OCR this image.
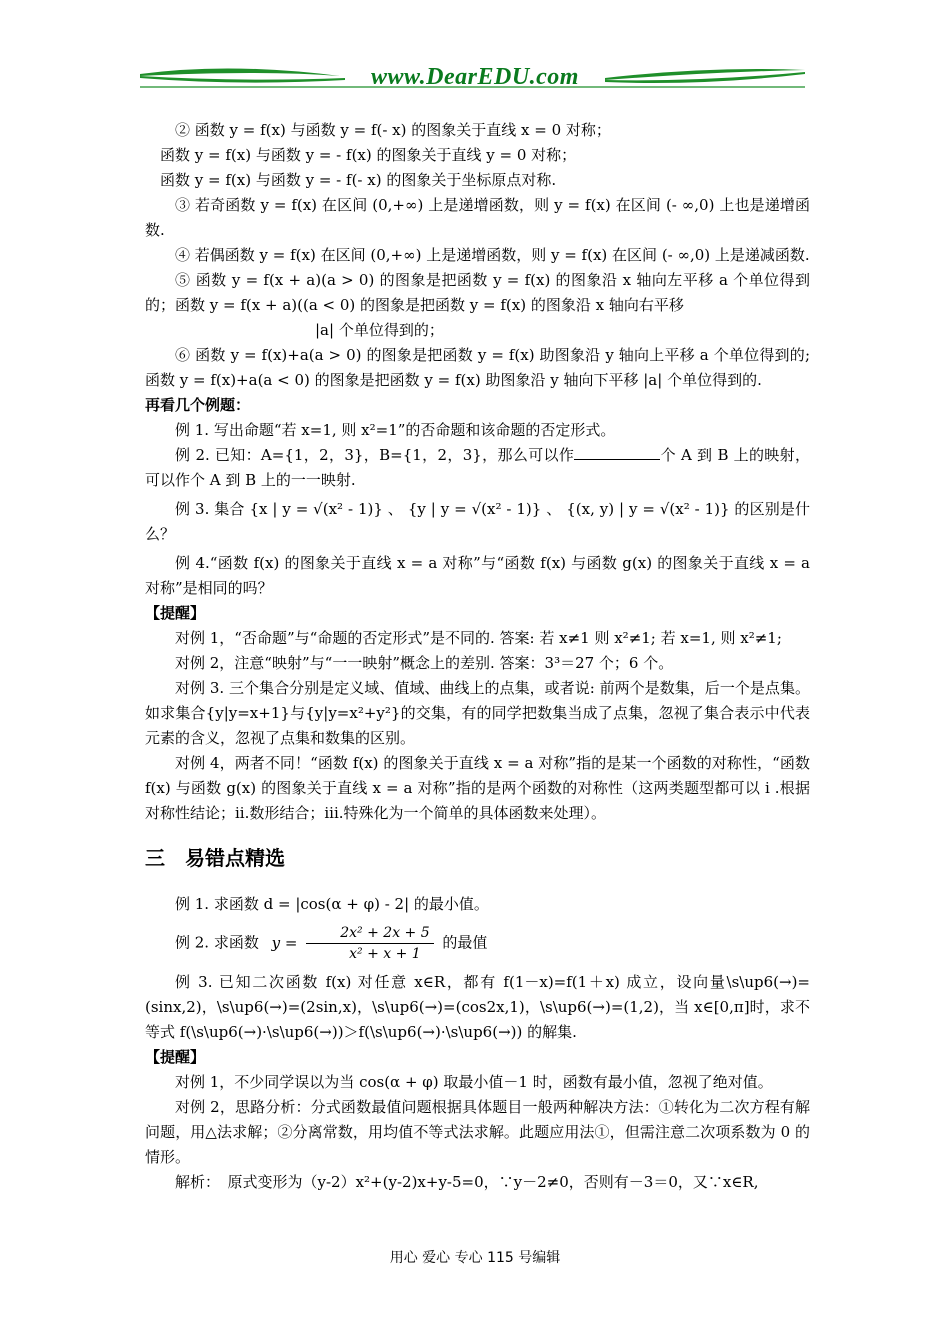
www.DearEDU.com

② 函数 y = f(x) 与函数 y = f(- x) 的图象关于直线 x = 0 对称；

函数 y = f(x) 与函数 y = - f(x) 的图象关于直线 y = 0 对称；

函数 y = f(x) 与函数 y = - f(- x) 的图象关于坐标原点对称.

③ 若奇函数 y = f(x) 在区间 (0,+∞) 上是递增函数，则 y = f(x) 在区间 (- ∞,0) 上也是递增函数.

④ 若偶函数 y = f(x) 在区间 (0,+∞) 上是递增函数，则 y = f(x) 在区间 (- ∞,0) 上是递减函数.

⑤ 函数 y = f(x + a)(a > 0) 的图象是把函数 y = f(x) 的图象沿 x 轴向左平移 a 个单位得到的；函数 y = f(x + a)((a < 0) 的图象是把函数 y = f(x) 的图象沿 x 轴向右平移

|a| 个单位得到的；

⑥ 函数 y = f(x)+a(a > 0) 的图象是把函数 y = f(x) 助图象沿 y 轴向上平移 a 个单位得到的; 函数 y = f(x)+a(a < 0) 的图象是把函数 y = f(x) 助图象沿 y 轴向下平移 |a| 个单位得到的.

再看几个例题：

例 1. 写出命题“若 x=1, 则 x²=1”的否命题和该命题的否定形式。

例 2. 已知：A={1，2，3}，B={1，2，3}，那么可以作	个 A 到 B 上的映射，可以作个 A 到 B 上的一一映射.

例 3. 集合 {x | y = √(x² - 1)} 、 {y | y = √(x² - 1)} 、 {(x, y) | y = √(x² - 1)} 的区别是什么？

例 4.“函数 f(x) 的图象关于直线 x = a 对称”与“函数 f(x) 与函数 g(x) 的图象关于直线 x = a 对称”是相同的吗？

【提醒】

对例 1，“否命题”与“命题的否定形式”是不同的. 答案: 若 x≠1 则 x²≠1; 若 x=1, 则 x²≠1;

对例 2，注意“映射”与“一一映射”概念上的差别. 答案：3³＝27 个；6 个。

对例 3. 三个集合分别是定义域、值域、曲线上的点集，或者说: 前两个是数集，后一个是点集。如求集合{y|y=x+1}与{y|y=x²+y²}的交集，有的同学把数集当成了点集，忽视了集合表示中代表元素的含义，忽视了点集和数集的区别。

对例 4，两者不同！“函数 f(x) 的图象关于直线 x = a 对称”指的是某一个函数的对称性，“函数 f(x) 与函数 g(x) 的图象关于直线 x = a 对称”指的是两个函数的对称性（这两类题型都可以 i .根据对称性结论；ii.数形结合；iii.特殊化为一个简单的具体函数来处理）。

三　易错点精选

例 1. 求函数 d = |cos(α + φ) - 2| 的最小值。

例 2. 求函数 $y = \frac{\text{2x² + 2x + 5}}{\text{x² + x + 1}}$ 的最值

例 3. 已知二次函数 f(x) 对任意 x∈R，都有 f(1－x)=f(1＋x) 成立，设向量\s\up6(→)=(sinx,2)，\s\up6(→)=(2sin,x)，\s\up6(→)=(cos2x,1)，\s\up6(→)=(1,2)，当 x∈[0,π]时，求不等式 f(\s\up6(→)·\s\up6(→))＞f(\s\up6(→)·\s\up6(→)) 的解集.

【提醒】

对例 1，不少同学误以为当 cos(α + φ) 取最小值－1 时，函数有最小值，忽视了绝对值。

对例 2，思路分析：分式函数最值问题根据具体题目一般两种解决方法：①转化为二次方程有解问题，用△法求解；②分离常数，用均值不等式法求解。此题应用法①，但需注意二次项系数为 0 的情形。

解析：　原式变形为（y-2）x²+(y-2)x+y-5=0，∵y－2≠0，否则有－3＝0，又∵x∈R,

用心 爱心 专心 115 号编辑
